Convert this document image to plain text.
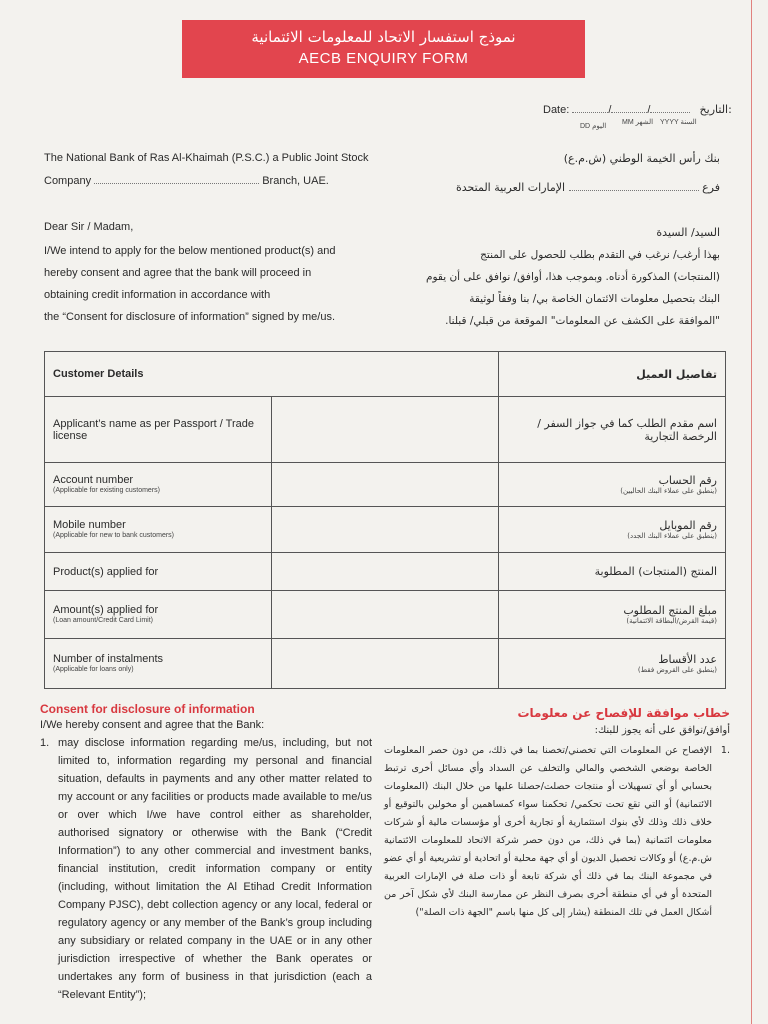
نموذج استفسار الاتحاد للمعلومات الائتمانية
AECB ENQUIRY FORM
Date:	/	/	التاريخ:
DD اليوم
MM الشهر YYYY السنة
The National Bank of Ras Al-Khaimah (P.S.C.) a Public Joint Stock
Company	Branch, UAE.
بنك رأس الخيمة الوطني (ش.م.ع)
فرع  الإمارات العربية المتحدة
Dear Sir / Madam,
I/We intend to apply for the below mentioned product(s) and
hereby consent and agree that the bank will proceed in
obtaining credit information in accordance with
the “Consent for disclosure of information” signed by me/us.
السيد/ السيدة
بهذا أرغب/ نرغب في التقدم بطلب للحصول على المنتج
(المنتجات) المذكورة أدناه. وبموجب هذا، أوافق/ نوافق على أن يقوم
البنك بتحصيل معلومات الائتمان الخاصة بي/ بنا وفقاً لوثيقة
"الموافقة على الكشف عن المعلومات" الموقعة من قبلي/ قبلنا.
Customer Details		تفاصيل العميل
Applicant’s name as per Passport / Trade license		اسم مقدم الطلب كما في جواز السفر / الرخصة التجارية
Account number
(Applicable for existing customers)		رقم الحساب
(ينطبق على عملاء البنك الحاليين)

Mobile number
(Applicable for new to bank customers)		رقم الموبايل
(ينطبق على عملاء البنك الجدد)

Product(s) applied for		المنتج (المنتجات) المطلوبة
Amount(s) applied for
(Loan amount/Credit Card Limit)		مبلغ المنتج المطلوب
(قيمة القرض/البطاقة الائتمانية)

Number of instalments
(Applicable for loans only)		عدد الأقساط
(ينطبق على القروض فقط)
Consent for disclosure of information
I/We hereby consent and agree that the Bank:
1. may disclose information regarding me/us, including, but not limited to, information regarding my personal and financial situation, defaults in payments and any other matter related to my account or any facilities or products made available to me/us or over which I/we have control either as shareholder, authorised signatory or otherwise with the Bank (“Credit Information”) to any other commercial and investment banks, financial institution, credit information company or entity (including, without limitation the Al Etihad Credit Information Company PJSC), debt collection agency or any local, federal or regulatory agency or any member of the Bank’s group including any subsidiary or related company in the UAE or in any other jurisdiction irrespective of whether the Bank operates or undertakes any form of business in that jurisdiction (each a “Relevant Entity”);
خطاب موافقة للإفصاح عن معلومات
أوافق/نوافق على أنه يجوز للبنك:
.1
الإفصاح عن المعلومات التي تخصني/تخصنا بما في ذلك، من دون حصر المعلومات الخاصة بوضعي الشخصي والمالي والتخلف عن السداد وأي مسائل أخرى ترتبط بحسابي أو أي تسهيلات أو منتجات حصلت/حصلنا عليها من خلال البنك (المعلومات الائتمانية) أو التي تقع تحت تحكمي/ تحكمنا سواء كمساهمين أو مخولين بالتوقيع أو خلاف ذلك وذلك لأي بنوك استثمارية أو تجارية أخرى أو مؤسسات مالية أو شركات معلومات ائتمانية (بما في ذلك، من دون حصر شركة الاتحاد للمعلومات الائتمانية ش.م.ع) أو وكالات تحصيل الديون أو أي جهة محلية أو اتحادية أو تشريعية أو أي عضو في مجموعة البنك بما في ذلك أي شركة تابعة أو ذات صلة في الإمارات العربية المتحدة أو في أي منطقة أخرى بصرف النظر عن ممارسة البنك لأي شكل آخر من أشكال العمل في تلك المنطقة (يشار إلى كل منها باسم "الجهة ذات الصلة")
